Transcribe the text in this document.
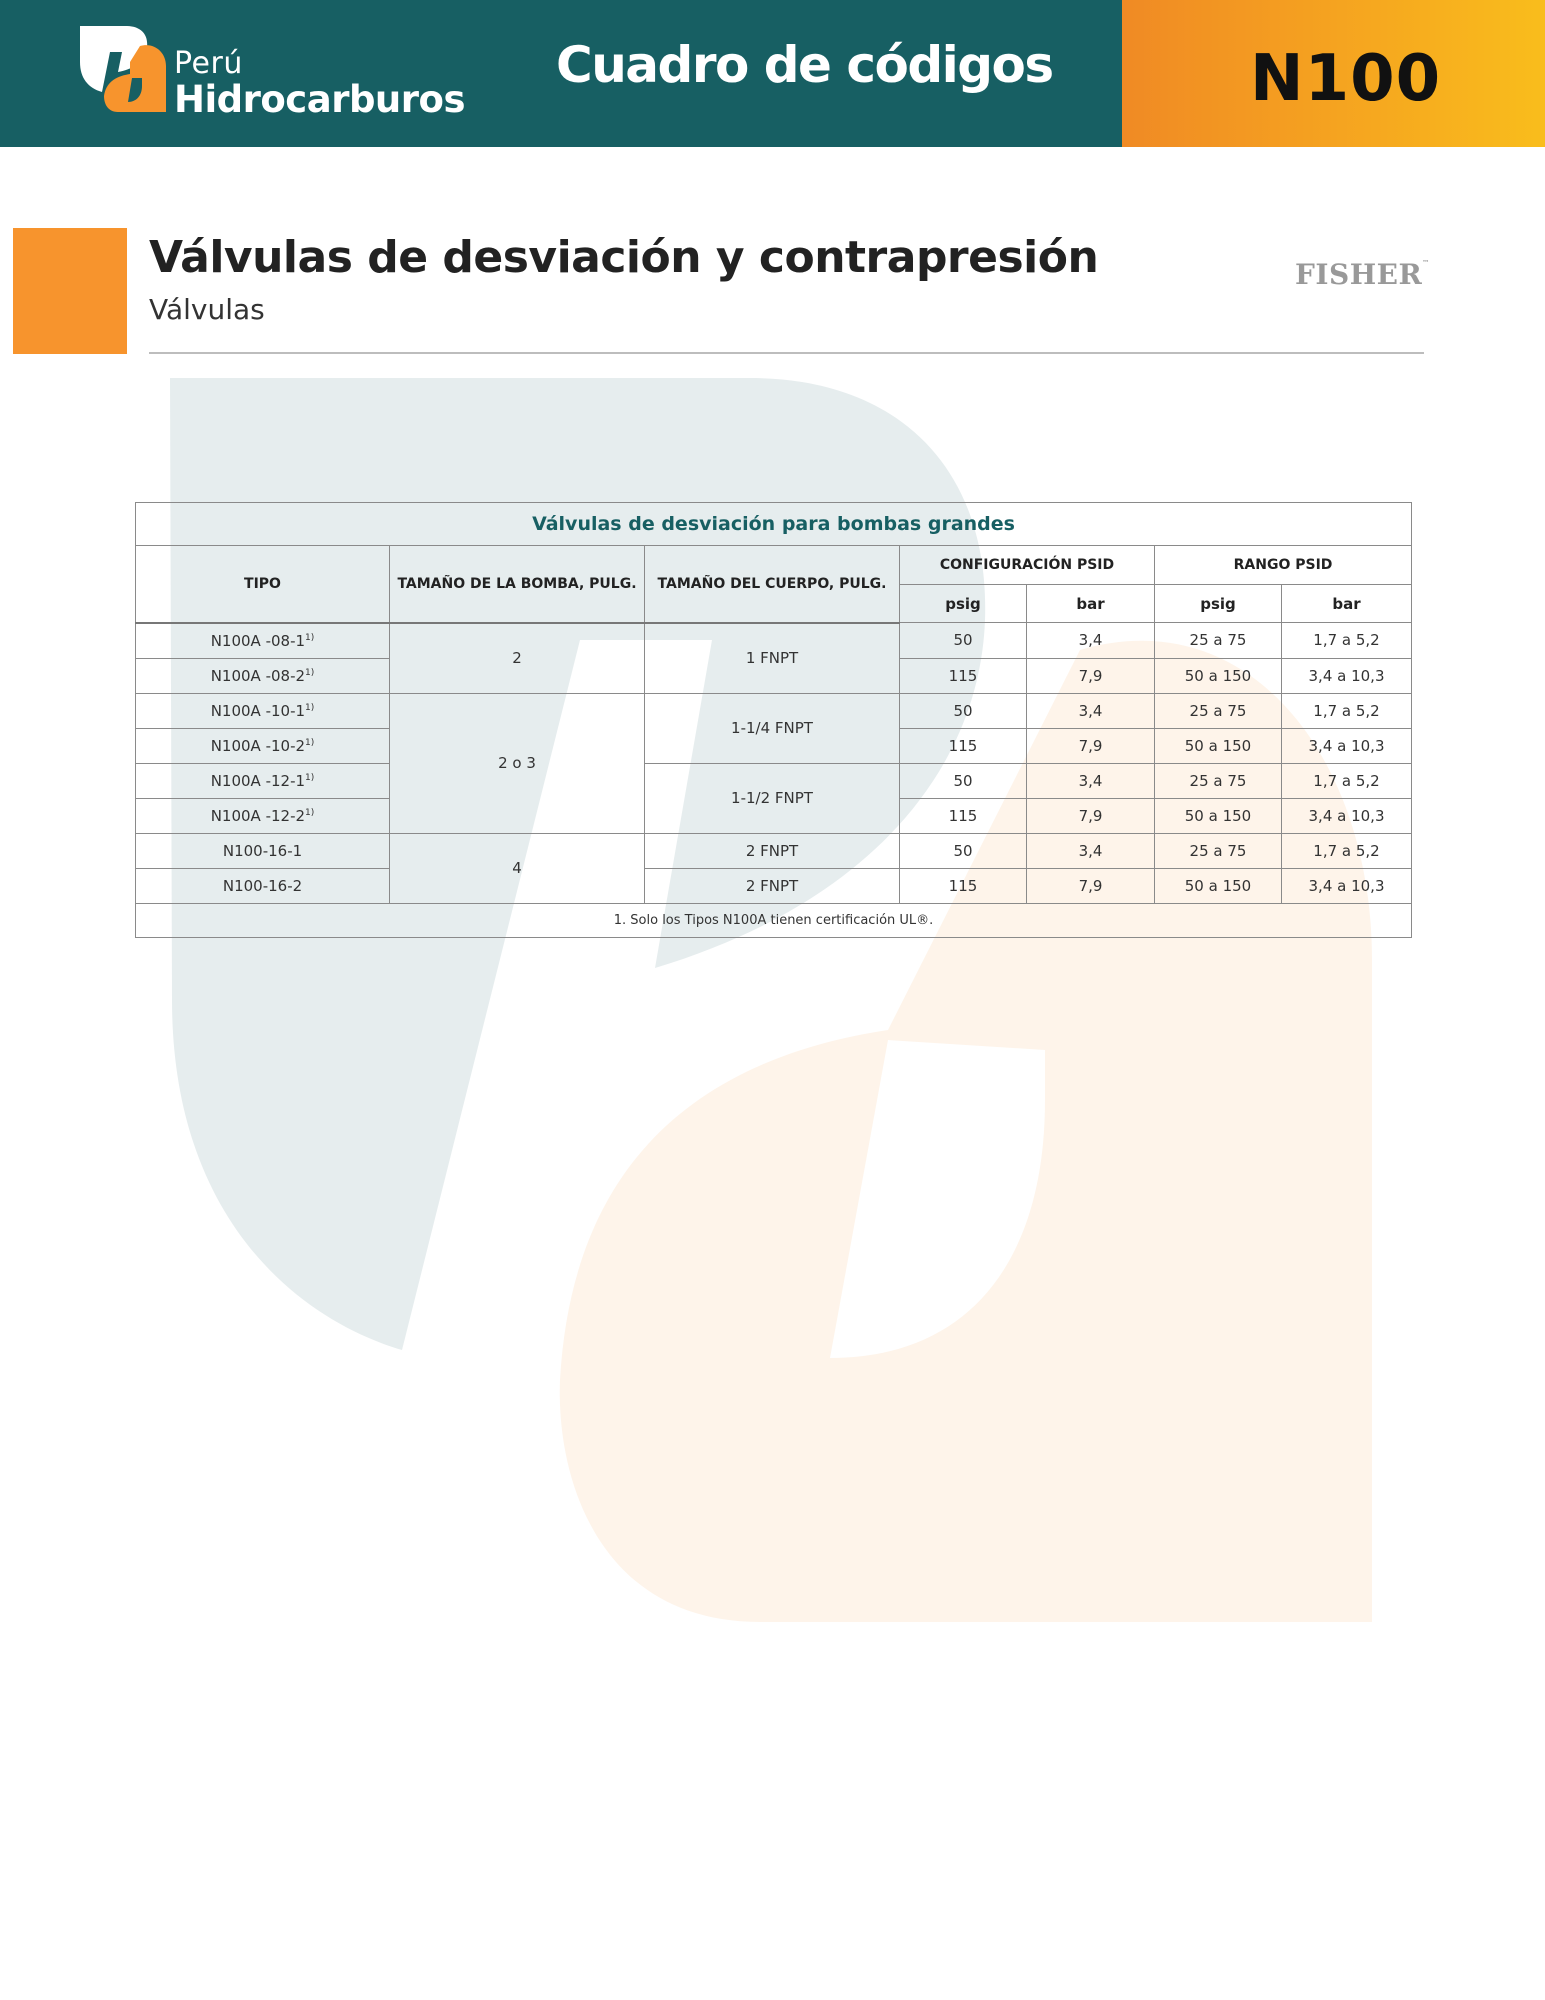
Perú
Hidrocarburos
Cuadro de códigos	N100
Válvulas de desviación y contrapresión
Válvulas
FISHER™
Válvulas de desviación para bombas grandes						
TIPO	TAMAÑO DE LA BOMBA, PULG.	TAMAÑO DEL CUERPO, PULG.	CONFIGURACIÓN PSID		RANGO PSID	
			psig	bar	psig	bar
N100A -08-1$^{1)}$	2	1 FNPT	50	3,4	25 a 75	1,7 a 5,2
N100A -08-2$^{1)}$			115	7,9	50 a 150	3,4 a 10,3
N100A -10-1$^{1)}$	2 o 3	1-1/4 FNPT	50	3,4	25 a 75	1,7 a 5,2
N100A -10-2$^{1)}$			115	7,9	50 a 150	3,4 a 10,3
N100A -12-1$^{1)}$		1-1/2 FNPT	50	3,4	25 a 75	1,7 a 5,2
N100A -12-2$^{1)}$			115	7,9	50 a 150	3,4 a 10,3
N100-16-1	4	2 FNPT	50	3,4	25 a 75	1,7 a 5,2
N100-16-2		2 FNPT	115	7,9	50 a 150	3,4 a 10,3
1. Solo los Tipos N100A tienen certificación UL®.						
